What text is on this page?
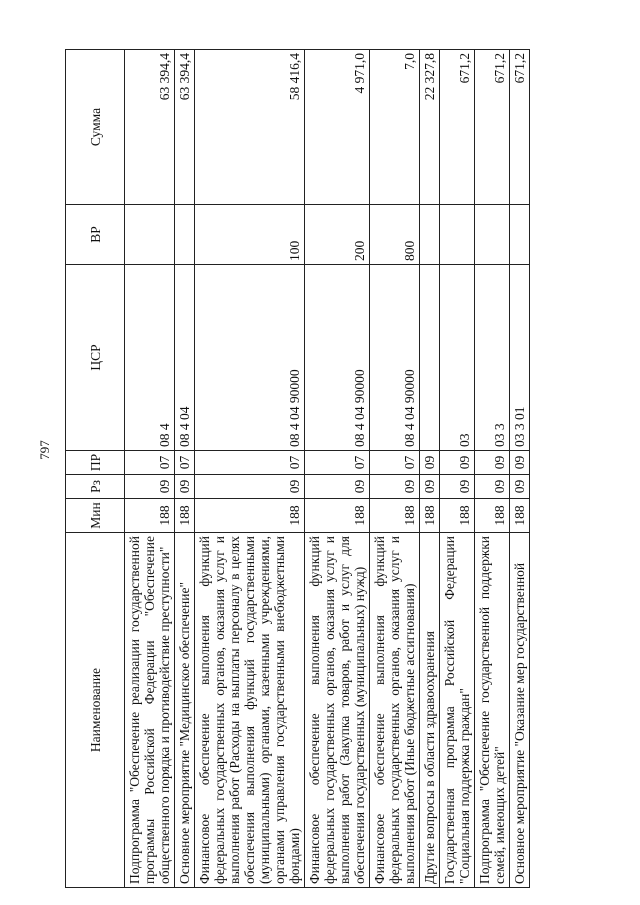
797
Наименование	Мин	Рз	ПР	ЦСР	ВР	Сумма
Подпрограмма "Обеспечение реализации государственной программы Российской Федерации "Обеспечение общественного порядка и противодействие преступности"	188	09	07	08 4		63 394,4
Основное мероприятие "Медицинское обеспечение"	188	09	07	08 4 04		63 394,4
Финансовое обеспечение выполнения функций федеральных государственных органов, оказания услуг и выполнения работ (Расходы на выплаты персоналу в целях обеспечения выполнения функций государственными (муниципальными) органами, казенными учреждениями, органами управления государственными внебюджетными фондами)	188	09	07	08 4 04 90000	100	58 416,4
Финансовое обеспечение выполнения функций федеральных государственных органов, оказания услуг и выполнения работ (Закупка товаров, работ и услуг для обеспечения государственных (муниципальных) нужд)	188	09	07	08 4 04 90000	200	4 971,0
Финансовое обеспечение выполнения функций федеральных государственных органов, оказания услуг и выполнения работ (Иные бюджетные ассигнования)	188	09	07	08 4 04 90000	800	7,0
Другие вопросы в области здравоохранения	188	09	09			22 327,8
Государственная программа Российской Федерации "Социальная поддержка граждан"	188	09	09	03		671,2
Подпрограмма "Обеспечение государственной поддержки семей, имеющих детей"	188	09	09	03 3		671,2
Основное мероприятие "Оказание мер государственной	188	09	09	03 3 01		671,2
